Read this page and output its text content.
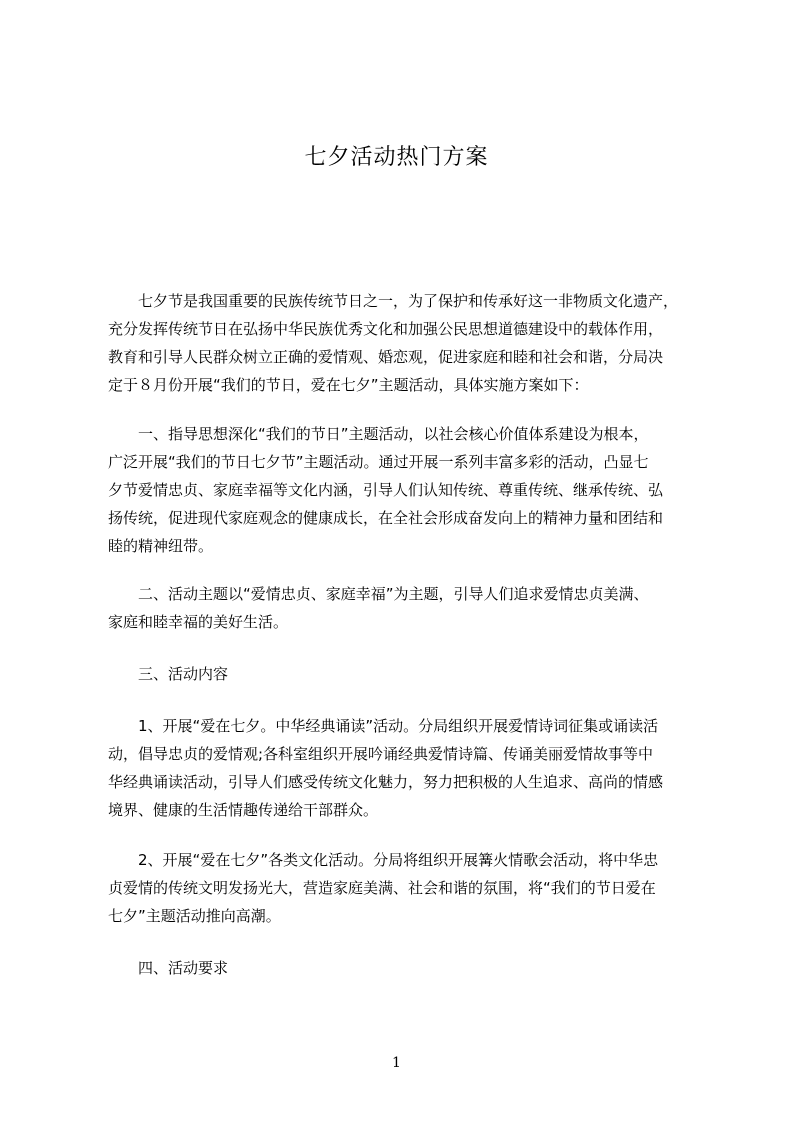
七夕活动热门方案
七夕节是我国重要的民族传统节日之一，为了保护和传承好这一非物质文化遗产，
充分发挥传统节日在弘扬中华民族优秀文化和加强公民思想道德建设中的载体作用，
教育和引导人民群众树立正确的爱情观、婚恋观，促进家庭和睦和社会和谐，分局决
定于８月份开展“我们的节日，爱在七夕”主题活动，具体实施方案如下：
一、指导思想深化“我们的节日”主题活动，以社会核心价值体系建设为根本，
广泛开展“我们的节日七夕节”主题活动。通过开展一系列丰富多彩的活动，凸显七
夕节爱情忠贞、家庭幸福等文化内涵，引导人们认知传统、尊重传统、继承传统、弘
扬传统，促进现代家庭观念的健康成长，在全社会形成奋发向上的精神力量和团结和
睦的精神纽带。
二、活动主题以“爱情忠贞、家庭幸福”为主题，引导人们追求爱情忠贞美满、
家庭和睦幸福的美好生活。
三、活动内容
1、开展“爱在七夕。中华经典诵读”活动。分局组织开展爱情诗词征集或诵读活
动，倡导忠贞的爱情观;各科室组织开展吟诵经典爱情诗篇、传诵美丽爱情故事等中
华经典诵读活动，引导人们感受传统文化魅力，努力把积极的人生追求、高尚的情感
境界、健康的生活情趣传递给干部群众。
2、开展“爱在七夕”各类文化活动。分局将组织开展篝火情歌会活动，将中华忠
贞爱情的传统文明发扬光大，营造家庭美满、社会和谐的氛围，将“我们的节日爱在
七夕”主题活动推向高潮。
四、活动要求
1
